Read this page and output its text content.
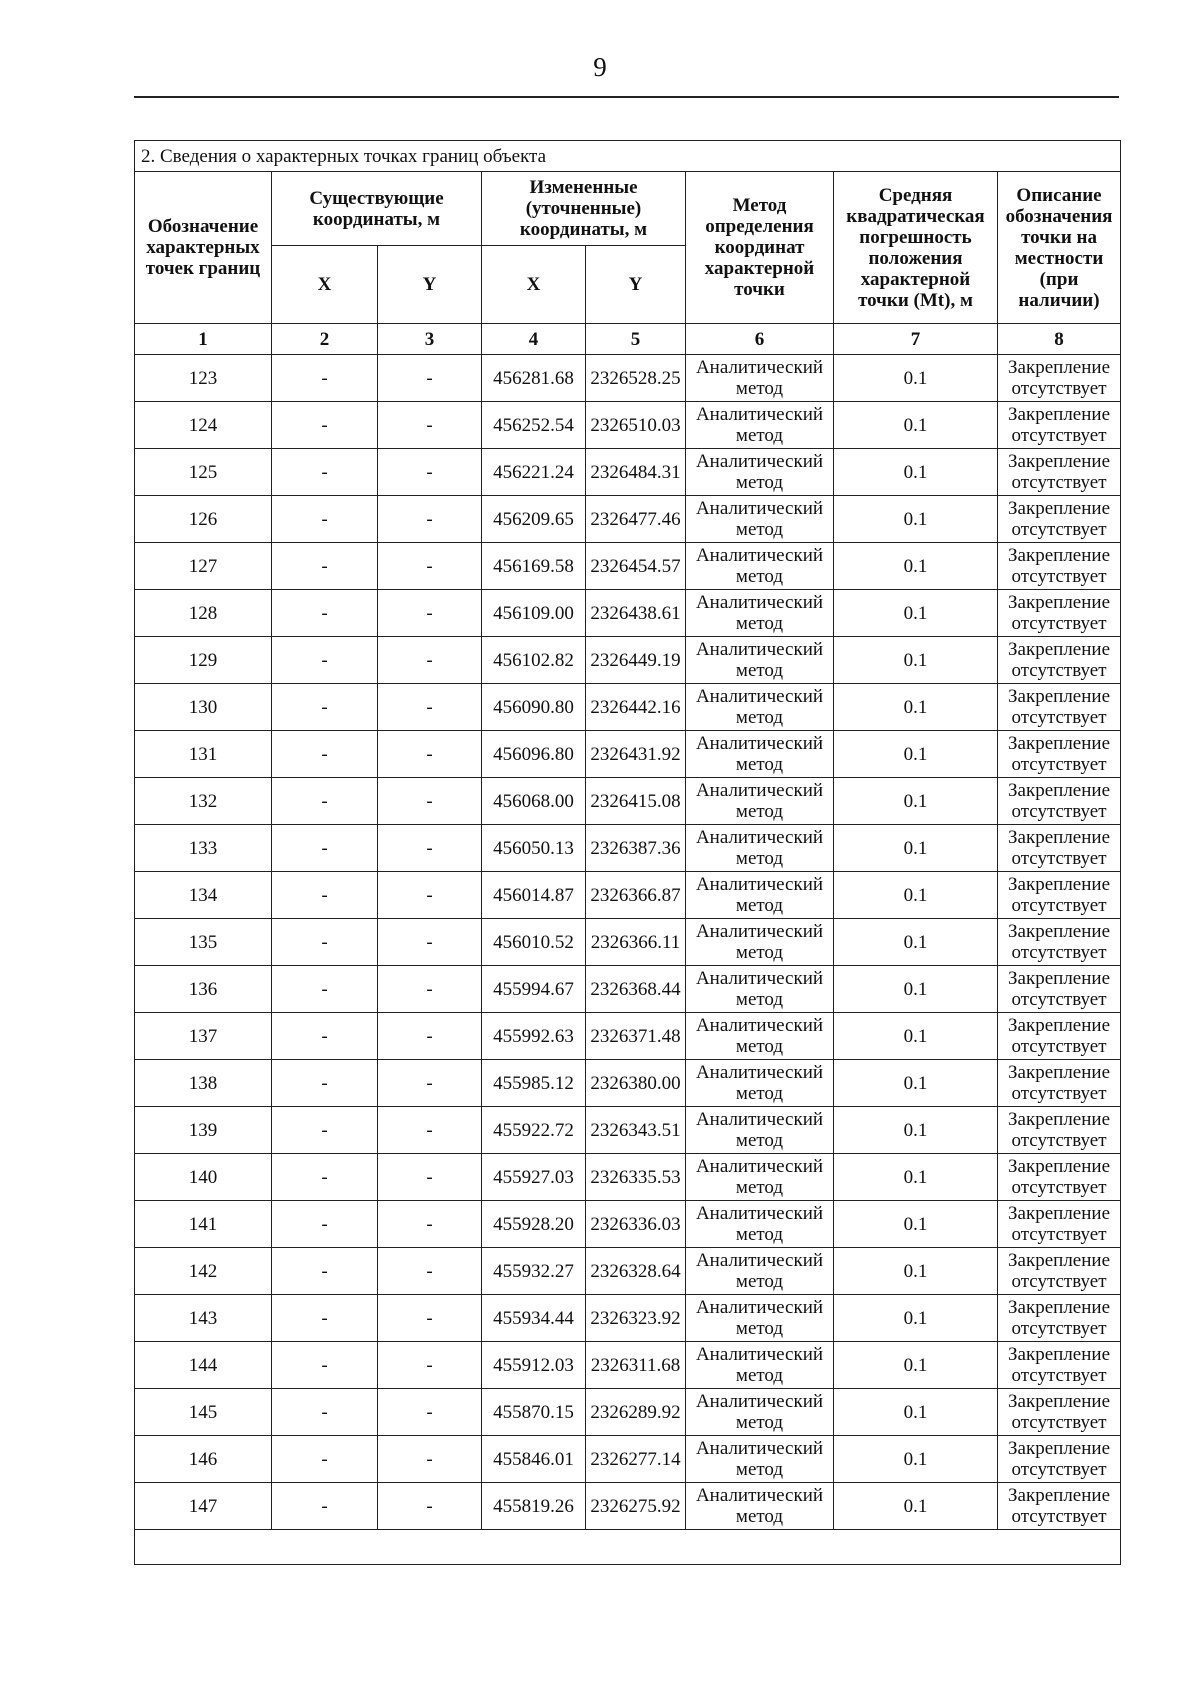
9
2. Сведения о характерных точках границ объекта							
Обозначение характерных точек границ	Существующие координаты, м		Измененные (уточненные) координаты, м		Метод определения координат характерной точки	Средняя квадратическая погрешность положения характерной точки (Mt), м	Описание обозначения точки на местности (при наличии)
	X	Y	X	Y			
1	2	3	4	5	6	7	8
123	-	-	456281.68	2326528.25	Аналитический метод	0.1	Закрепление отсутствует
124	-	-	456252.54	2326510.03	Аналитический метод	0.1	Закрепление отсутствует
125	-	-	456221.24	2326484.31	Аналитический метод	0.1	Закрепление отсутствует
126	-	-	456209.65	2326477.46	Аналитический метод	0.1	Закрепление отсутствует
127	-	-	456169.58	2326454.57	Аналитический метод	0.1	Закрепление отсутствует
128	-	-	456109.00	2326438.61	Аналитический метод	0.1	Закрепление отсутствует
129	-	-	456102.82	2326449.19	Аналитический метод	0.1	Закрепление отсутствует
130	-	-	456090.80	2326442.16	Аналитический метод	0.1	Закрепление отсутствует
131	-	-	456096.80	2326431.92	Аналитический метод	0.1	Закрепление отсутствует
132	-	-	456068.00	2326415.08	Аналитический метод	0.1	Закрепление отсутствует
133	-	-	456050.13	2326387.36	Аналитический метод	0.1	Закрепление отсутствует
134	-	-	456014.87	2326366.87	Аналитический метод	0.1	Закрепление отсутствует
135	-	-	456010.52	2326366.11	Аналитический метод	0.1	Закрепление отсутствует
136	-	-	455994.67	2326368.44	Аналитический метод	0.1	Закрепление отсутствует
137	-	-	455992.63	2326371.48	Аналитический метод	0.1	Закрепление отсутствует
138	-	-	455985.12	2326380.00	Аналитический метод	0.1	Закрепление отсутствует
139	-	-	455922.72	2326343.51	Аналитический метод	0.1	Закрепление отсутствует
140	-	-	455927.03	2326335.53	Аналитический метод	0.1	Закрепление отсутствует
141	-	-	455928.20	2326336.03	Аналитический метод	0.1	Закрепление отсутствует
142	-	-	455932.27	2326328.64	Аналитический метод	0.1	Закрепление отсутствует
143	-	-	455934.44	2326323.92	Аналитический метод	0.1	Закрепление отсутствует
144	-	-	455912.03	2326311.68	Аналитический метод	0.1	Закрепление отсутствует
145	-	-	455870.15	2326289.92	Аналитический метод	0.1	Закрепление отсутствует
146	-	-	455846.01	2326277.14	Аналитический метод	0.1	Закрепление отсутствует
147	-	-	455819.26	2326275.92	Аналитический метод	0.1	Закрепление отсутствует
